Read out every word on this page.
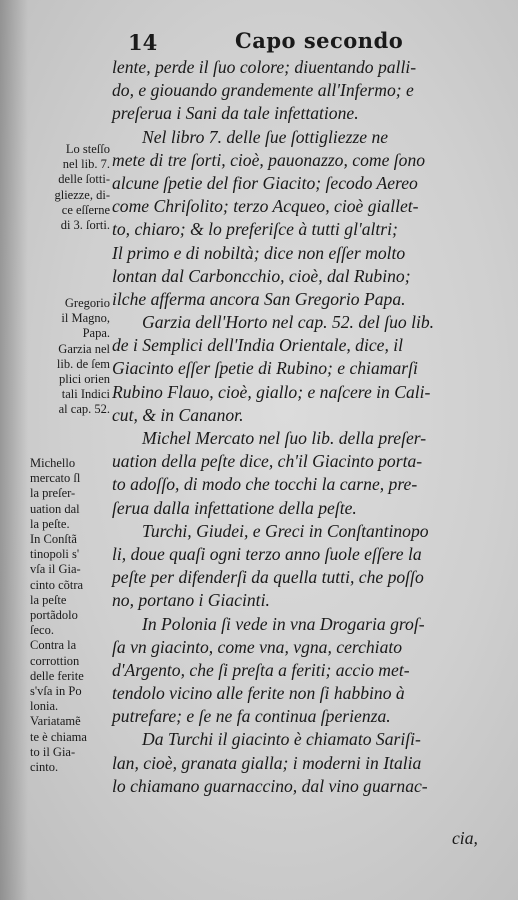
14	Capo secondo
lente, perde il ſuo colore; diuentando palli-
do, e giouando grandemente all'Infermo; e
preſerua i Sani da tale infettatione.
Nel libro 7. delle ſue ſottigliezze ne
mete di tre ſorti, cioè, pauonazzo, come ſono
alcune ſpetie del fior Giacito; ſecodo Aereo
come Chriſolito; terzo Acqueo, cioè giallet-
to, chiaro; & lo preferiſce à tutti gl'altri;
Il primo e di nobiltà; dice non eſſer molto
lontan dal Carboncchio, cioè, dal Rubino;
ilche afferma ancora San Gregorio Papa.
Garzia dell'Horto nel cap. 52. del ſuo lib.
de i Semplici dell'India Orientale, dice, il
Giacinto eſſer ſpetie di Rubino; e chiamarſi
Rubino Flauo, cioè, giallo; e naſcere in Cali-
cut, & in Cananor.
Michel Mercato nel ſuo lib. della preſer-
uation della peſte dice, ch'il Giacinto porta-
to adoſſo, di modo che tocchi la carne, pre-
ſerua dalla infettatione della peſte.
Turchi, Giudei, e Greci in Conſtantinopo
li, doue quaſi ogni terzo anno ſuole eſſere la
peſte per difenderſi da quella tutti, che poſſo
no, portano i Giacinti.
In Polonia ſi vede in vna Drogaria groſ-
ſa vn giacinto, come vna, vgna, cerchiato
d'Argento, che ſi preſta a feriti; accio met-
tendolo vicino alle ferite non ſi habbino à
putrefare; e ſe ne fa continua ſperienza.
Da Turchi il giacinto è chiamato Sariſi-
lan, cioè, granata gialla; i moderni in Italia
lo chiamano guarnaccino, dal vino guarnac-
cia,
Lo steſſo
nel lib. 7.
delle ſotti-
gliezze, di-
ce eſſerne
di 3. ſorti.
Gregorio
il Magno,
Papa.
Garzia nel
lib. de ſem
plici orien
tali Indici
al cap. 52.
Michello
mercato ſl
la preſer-
uation dal
la peſte.
In Conſtã
tinopoli s'
vſa il Gia-
cinto cõtra
la peſte
portãdolo
ſeco.
Contra la
corrottion
delle ferite
s'vſa in Po
lonia.
Variatamẽ
te è chiama
to il Gia-
cinto.
